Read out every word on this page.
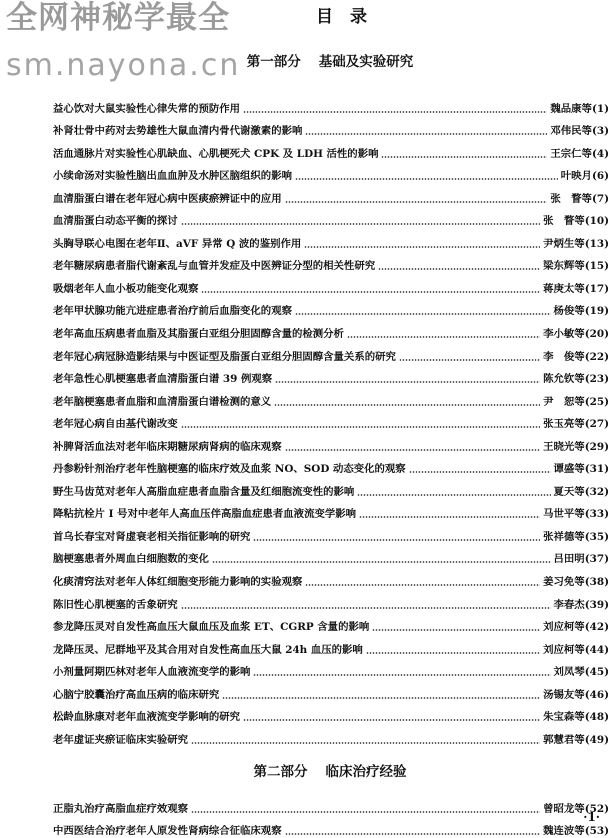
全网神秘学最全
sm.nayona.cn
目 录
第一部分 基础及实验研究
益心饮对大鼠实验性心律失常的预防作用	魏品康等 (1)
补肾壮骨中药对去势雄性大鼠血清内骨代谢激素的影响	邓伟民等 (3)
活血通脉片对实验性心肌缺血、心肌梗死犬 CPK 及 LDH 活性的影响	王宗仁等 (4)
小续命汤对实验性脑出血血肿及水肿区脑组织的影响	叶映月 (6)
血清脂蛋白谱在老年冠心病中医痰瘀辨证中的应用	张　瞀等 (7)
血清脂蛋白动态平衡的探讨	张　瞀等 (10)
头胸导联心电图在老年Ⅱ、aVF 异常 Q 波的鉴别作用	尹炳生等 (13)
老年糖尿病患者脂代谢紊乱与血管并发症及中医辨证分型的相关性研究	梁东辉等 (15)
吸烟老年人血小板功能变化观察	蒋庚太等 (17)
老年甲状腺功能亢进症患者治疗前后血脂变化的观察	杨俊等 (19)
老年高血压病患者血脂及其脂蛋白亚组分胆固醇含量的检测分析	李小敏等 (20)
老年冠心病冠脉造影结果与中医证型及脂蛋白亚组分胆固醇含量关系的研究	李　俊等 (22)
老年急性心肌梗塞患者血清脂蛋白谱 39 例观察	陈允钦等 (23)
老年脑梗塞患者血脂和血清脂蛋白谱检测的意义	尹　恕等 (25)
老年冠心病自由基代谢改变	张玉亮等 (27)
补脾肾活血法对老年临床期糖尿病肾病的临床观察	王晓光等 (29)
丹参粉针剂治疗老年性脑梗塞的临床疗效及血浆 NO、SOD 动态变化的观察	谭盛等 (31)
野生马齿苋对老年人高脂血症患者血脂含量及红细胞流变性的影响	夏天等 (32)
降粘抗栓片 I 号对中老年人高血压伴高脂血症患者血液流变学影响	马世平等 (33)
首乌长春宝对肾虚衰老相关指征影响的研究	张祥德等 (35)
脑梗塞患者外周血白细胞数的变化	吕田明 (37)
化痰清窍法对老年人体红细胞变形能力影响的实验观察	姜习免等 (38)
陈旧性心肌梗塞的舌象研究	李春杰 (39)
参龙降压灵对自发性高血压大鼠血压及血浆 ET、CGRP 含量的影响	刘应柯等 (42)
龙降压灵、尼群地平及其合用对自发性高血压大鼠 24h 血压的影响	刘应柯等 (44)
小剂量阿期匹林对老年人血液流变学的影响	刘凤琴 (45)
心脑宁胶囊治疗高血压病的临床研究	汤锡友等 (46)
松龄血脉康对老年血液流变学影响的研究	朱宝森等 (48)
老年虚证夹瘀证临床实验研究	郭慧君等 (49)
第二部分 临床治疗经验
正脂丸治疗高脂血症疗效观察	曾昭龙等 (52)
中西医结合治疗老年人原发性肾病综合征临床观察	魏连波等 (53)
·1·
